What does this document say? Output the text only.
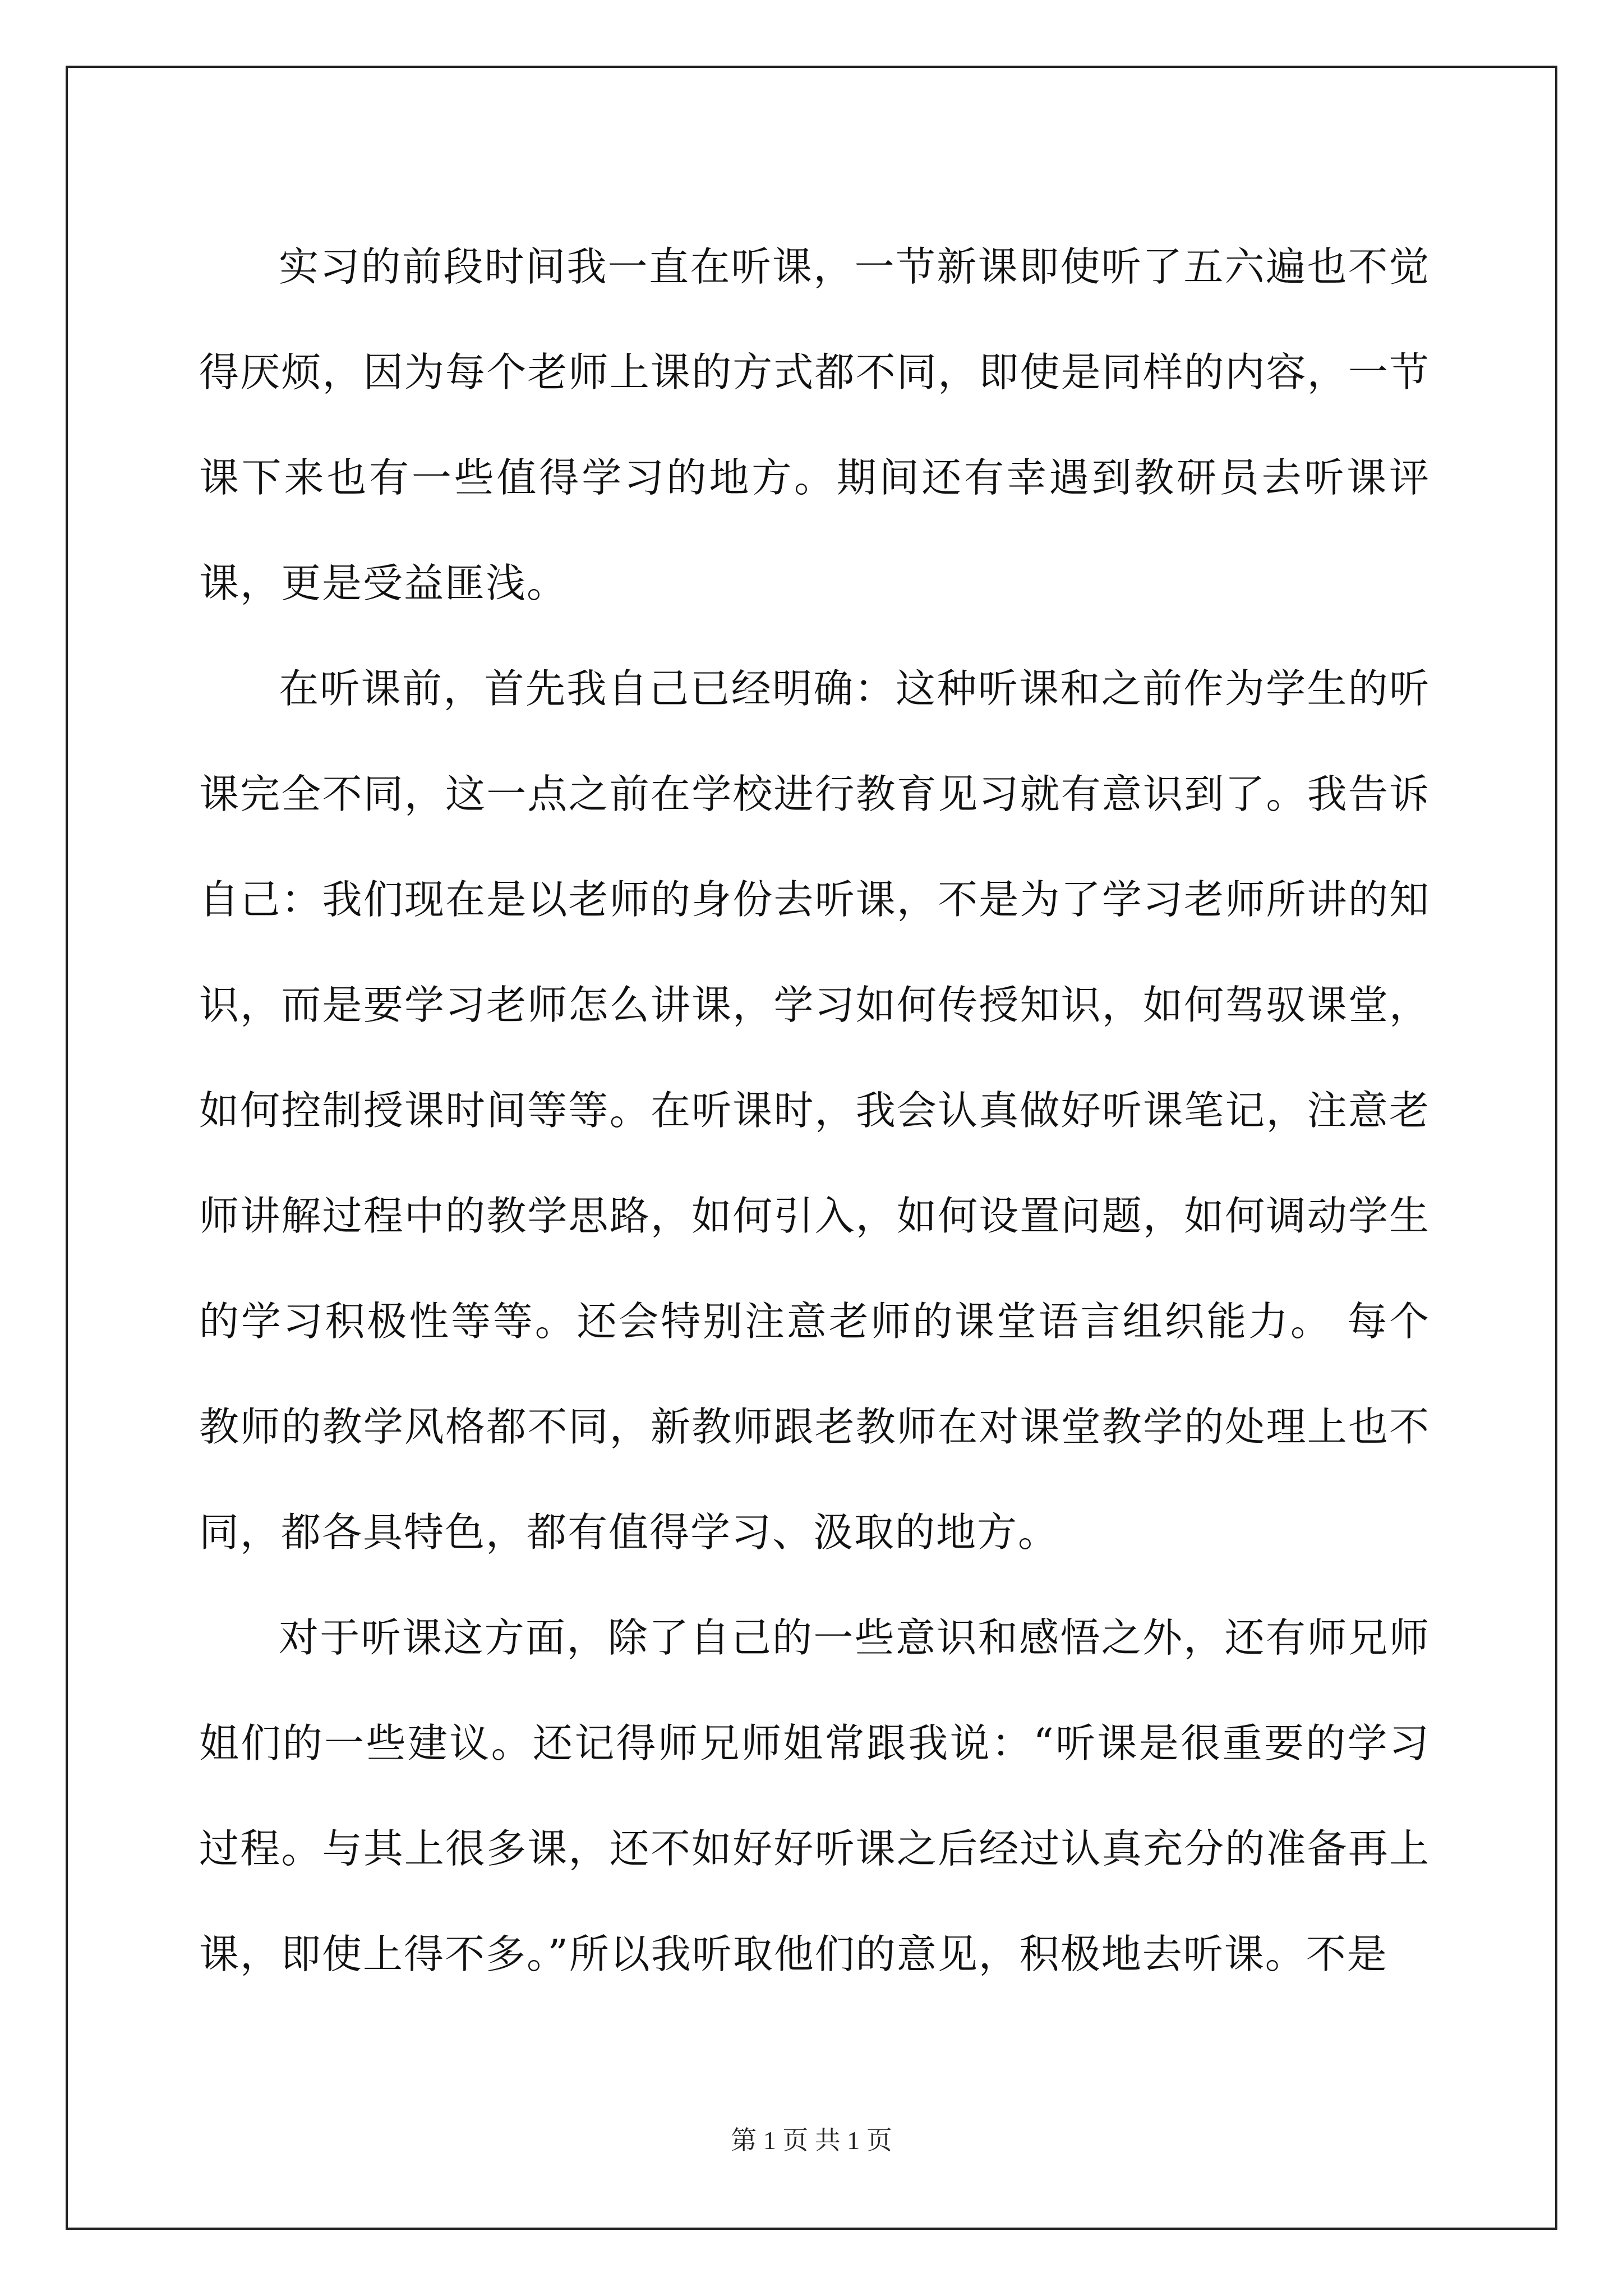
实习的前段时间我一直在听课，一节新课即使听了五六遍也不觉得厌烦，因为每个老师上课的方式都不同，即使是同样的内容，一节课下来也有一些值得学习的地方。期间还有幸遇到教研员去听课评课，更是受益匪浅。

在听课前，首先我自己已经明确：这种听课和之前作为学生的听课完全不同，这一点之前在学校进行教育见习就有意识到了。我告诉自己：我们现在是以老师的身份去听课，不是为了学习老师所讲的知识，而是要学习老师怎么讲课，学习如何传授知识，如何驾驭课堂，如何控制授课时间等等。在听课时，我会认真做好听课笔记，注意老师讲解过程中的教学思路，如何引入，如何设置问题，如何调动学生的学习积极性等等。还会特别注意老师的课堂语言组织能力。 每个教师的教学风格都不同，新教师跟老教师在对课堂教学的处理上也不同，都各具特色，都有值得学习、汲取的地方。

对于听课这方面，除了自己的一些意识和感悟之外，还有师兄师姐们的一些建议。还记得师兄师姐常跟我说：“听课是很重要的学习过程。与其上很多课，还不如好好听课之后经过认真充分的准备再上课，即使上得不多。”所以我听取他们的意见，积极地去听课。不是

第 1 页 共 1 页
